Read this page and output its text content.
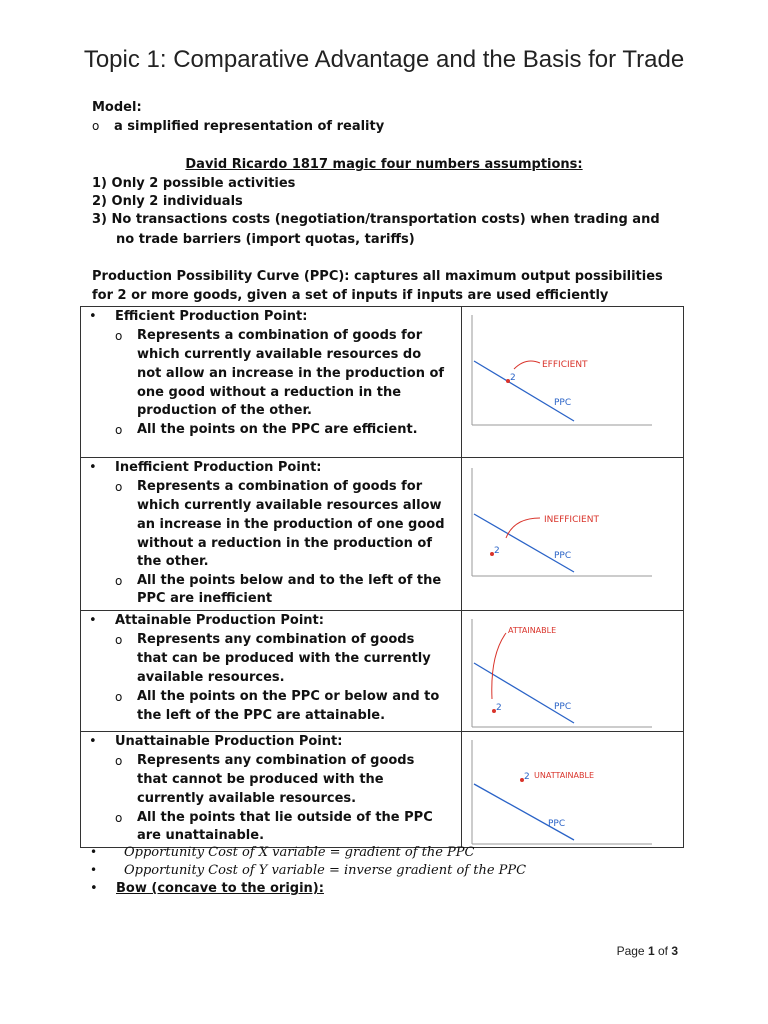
Topic 1: Comparative Advantage and the Basis for Trade
Model:
o a simplified representation of reality
David Ricardo 1817 magic four numbers assumptions:
1) Only 2 possible activities
2) Only 2 individuals
3) No transactions costs (negotiation/transportation costs) when trading and
no trade barriers (import quotas, tariffs)
Production Possibility Curve (PPC): captures all maximum output possibilities
for 2 or more goods, given a set of inputs if inputs are used efficiently
• Efficient Production Point:
o	Represents a combination of goods for
which currently available resources do
not allow an increase in the production of
one good without a reduction in the
production of the other.
o	All the points on the PPC are efficient.
2
EFFICIENT
PPC
• Inefficient Production Point:
o	Represents a combination of goods for
which currently available resources allow
an increase in the production of one good
without a reduction in the production of
the other.
o	All the points below and to the left of the
PPC are inefficient
2
INEFFICIENT
PPC
• Attainable Production Point:
o	Represents any combination of goods
that can be produced with the currently
available resources.
o	All the points on the PPC or below and to
the left of the PPC are attainable.	2
ATTAINABLE
PPC
• Unattainable Production Point:
o	Represents any combination of goods
that cannot be produced with the
currently available resources.
o	All the points that lie outside of the PPC
are unattainable.
2 UNATTAINABLE
PPC
• Opportunity Cost of X variable = gradient of the PPC
• Opportunity Cost of Y variable = inverse gradient of the PPC
• Bow (concave to the origin):
Page 1 of 3
